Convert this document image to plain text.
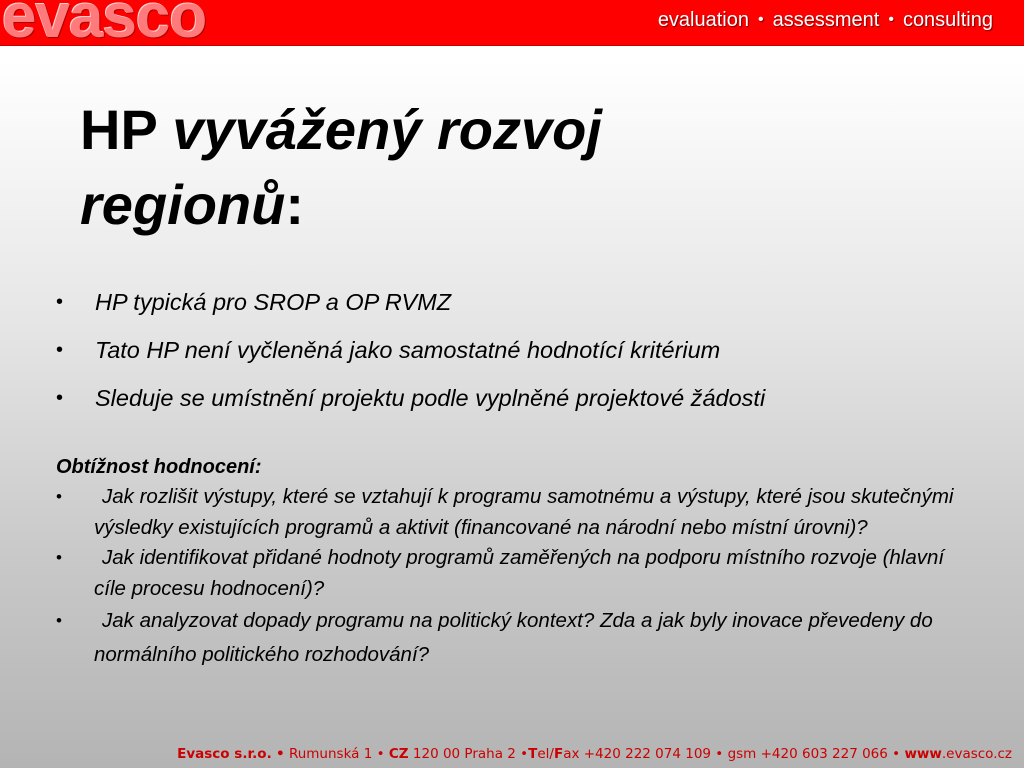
evasco	evaluation • assessment • consulting
HP vyvážený rozvoj regionů:
• HP typická pro SROP a OP RVMZ
• Tato HP není vyčleněná jako samostatné hodnotící kritérium
• Sleduje se umístnění projektu podle vyplněné projektové žádosti
Obtížnost hodnocení:
•	Jak rozlišit výstupy, které se vztahují k programu samotnému a výstupy, které jsou skutečnými výsledky existujících programů a aktivit (financované na národní nebo místní úrovni)?
•	Jak identifikovat přidané hodnoty programů zaměřených na podporu místního rozvoje (hlavní cíle procesu hodnocení)?
•	Jak analyzovat dopady programu na politický kontext? Zda a jak byly inovace převedeny do normálního politického rozhodování?
Evasco s.r.o. • Rumunská 1 • CZ 120 00 Praha 2 •Tel/Fax +420 222 074 109 • gsm +420 603 227 066 • www.evasco.cz
